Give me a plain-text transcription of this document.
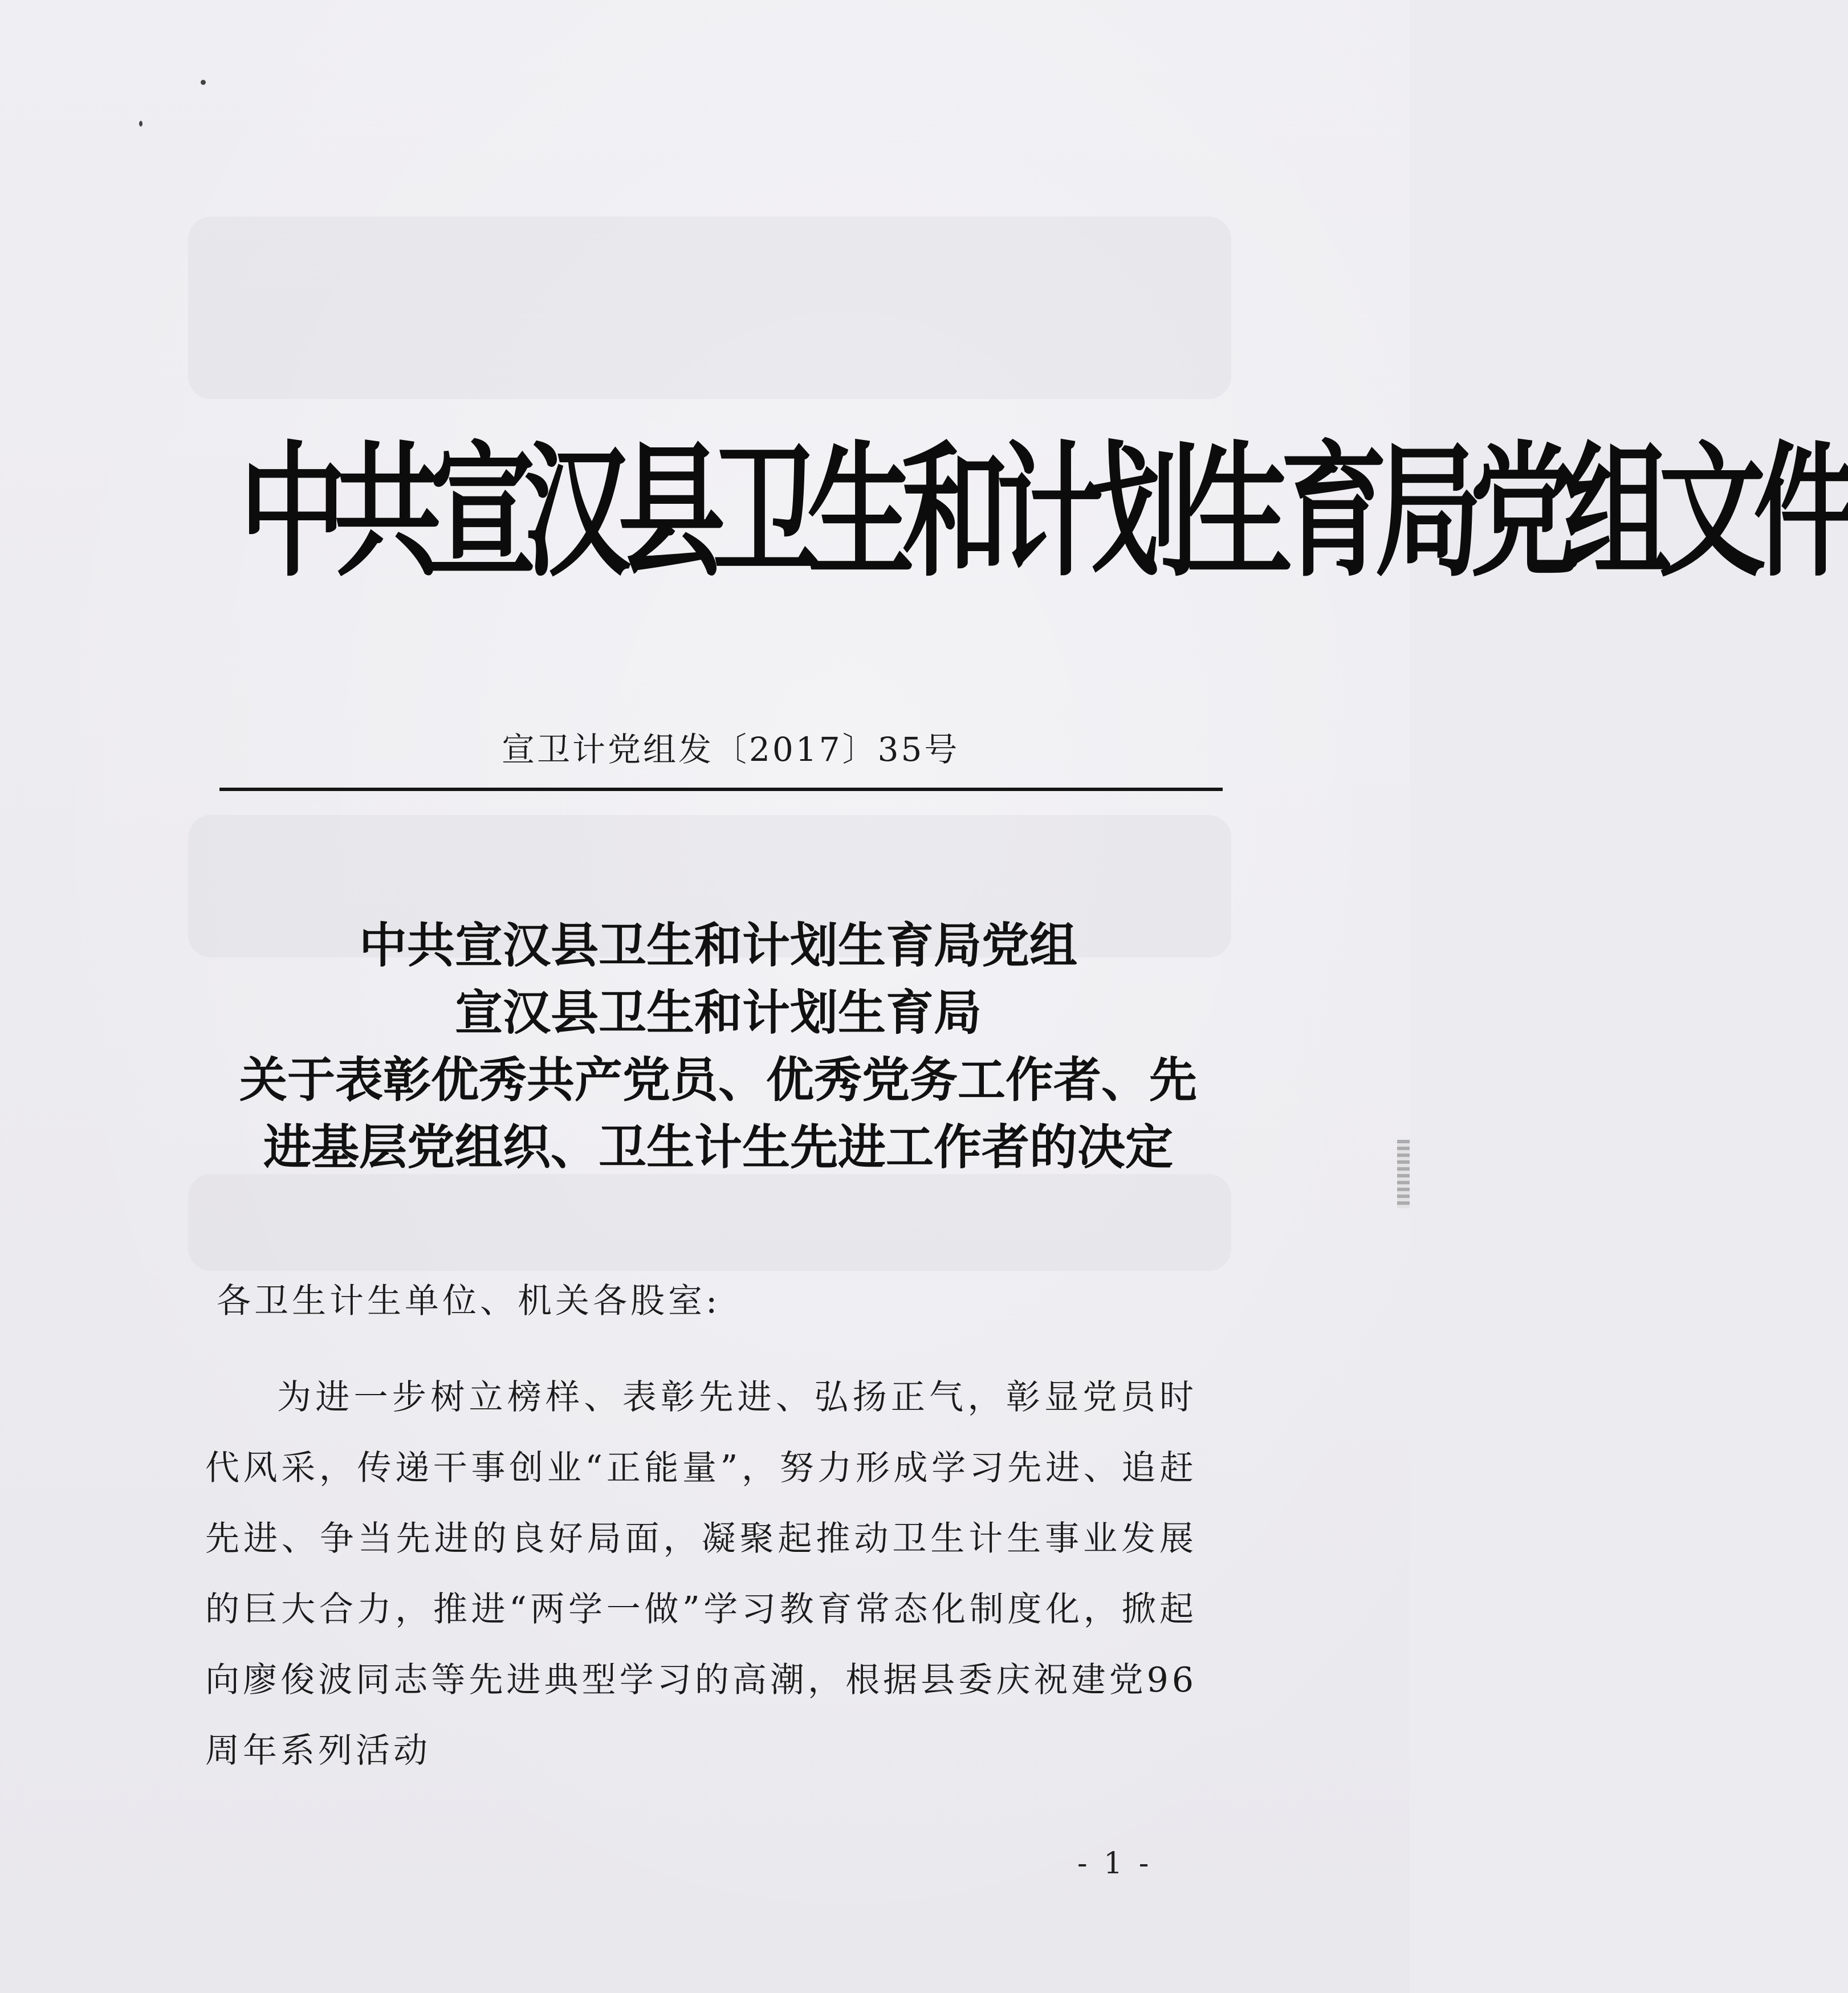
中共宣汉县卫生和计划生育局党组文件
宣卫计党组发〔2017〕35号
中共宣汉县卫生和计划生育局党组
宣汉县卫生和计划生育局
关于表彰优秀共产党员、优秀党务工作者、先
进基层党组织、卫生计生先进工作者的决定
各卫生计生单位、机关各股室:

为进一步树立榜样、表彰先进、弘扬正气，彰显党员时代风采，传递干事创业“正能量”，努力形成学习先进、追赶先进、争当先进的良好局面，凝聚起推动卫生计生事业发展的巨大合力，推进“两学一做”学习教育常态化制度化，掀起向廖俊波同志等先进典型学习的高潮，根据县委庆祝建党96周年系列活动

- 1 -
